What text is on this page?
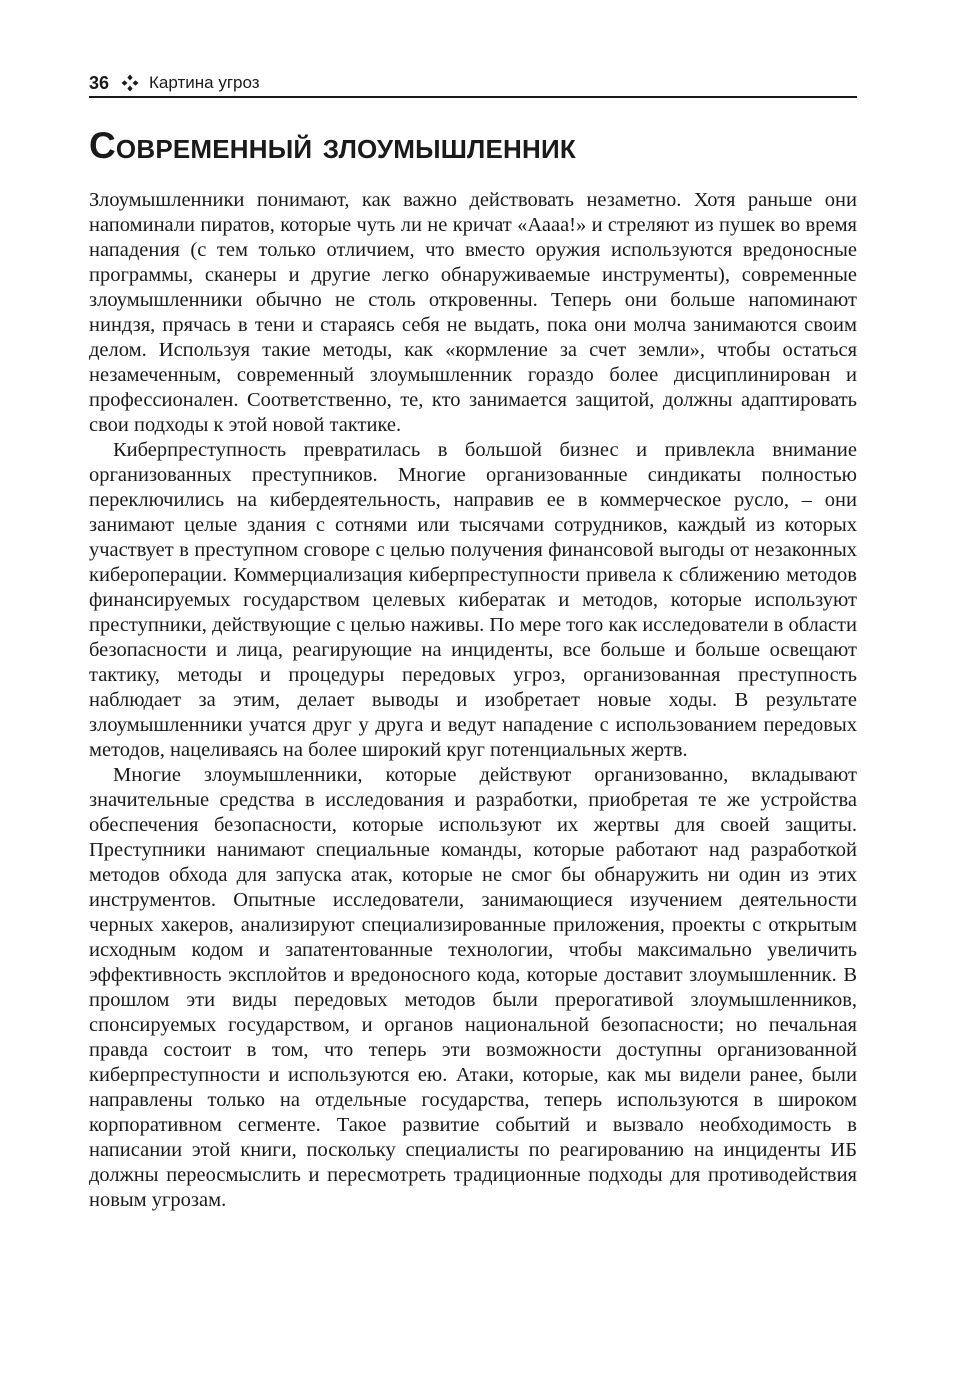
36 Картина угроз
Современный злоумышленник

Злоумышленники понимают, как важно действовать незаметно. Хотя раньше они напоминали пиратов, которые чуть ли не кричат «Аааа!» и стреляют из пушек во время нападения (с тем только отличием, что вместо оружия используются вредоносные программы, сканеры и другие легко обнаруживаемые инструменты), современные злоумышленники обычно не столь откровенны. Теперь они больше напоминают ниндзя, прячась в тени и стараясь себя не выдать, пока они молча занимаются своим делом. Используя такие методы, как «кормление за счет земли», чтобы остаться незамеченным, современный злоумышленник гораздо более дисциплинирован и профессионален. Соответственно, те, кто занимается защитой, должны адаптировать свои подходы к этой новой тактике.

Киберпреступность превратилась в большой бизнес и привлекла внимание организованных преступников. Многие организованные синдикаты полностью переключились на кибердеятельность, направив ее в коммерческое русло, – они занимают целые здания с сотнями или тысячами сотрудников, каждый из которых участвует в преступном сговоре с целью получения финансовой выгоды от незаконных кибероперации. Коммерциализация киберпреступности привела к сближению методов финансируемых государством целевых кибератак и методов, которые используют преступники, действующие с целью наживы. По мере того как исследователи в области безопасности и лица, реагирующие на инциденты, все больше и больше освещают тактику, методы и процедуры передовых угроз, организованная преступность наблюдает за этим, делает выводы и изобретает новые ходы. В результате злоумышленники учатся друг у друга и ведут нападение с использованием передовых методов, нацеливаясь на более широкий круг потенциальных жертв.

Многие злоумышленники, которые действуют организованно, вкладывают значительные средства в исследования и разработки, приобретая те же устройства обеспечения безопасности, которые используют их жертвы для своей защиты. Преступники нанимают специальные команды, которые работают над разработкой методов обхода для запуска атак, которые не смог бы обнаружить ни один из этих инструментов. Опытные исследователи, занимающиеся изучением деятельности черных хакеров, анализируют специализированные приложения, проекты с открытым исходным кодом и запатентованные технологии, чтобы максимально увеличить эффективность эксплойтов и вредоносного кода, которые доставит злоумышленник. В прошлом эти виды передовых методов были прерогативой злоумышленников, спонсируемых государством, и органов национальной безопасности; но печальная правда состоит в том, что теперь эти возможности доступны организованной киберпреступности и используются ею. Атаки, которые, как мы видели ранее, были направлены только на отдельные государства, теперь используются в широком корпоративном сегменте. Такое развитие событий и вызвало необходимость в написании этой книги, поскольку специалисты по реагированию на инциденты ИБ должны переосмыслить и пересмотреть традиционные подходы для противодействия новым угрозам.
